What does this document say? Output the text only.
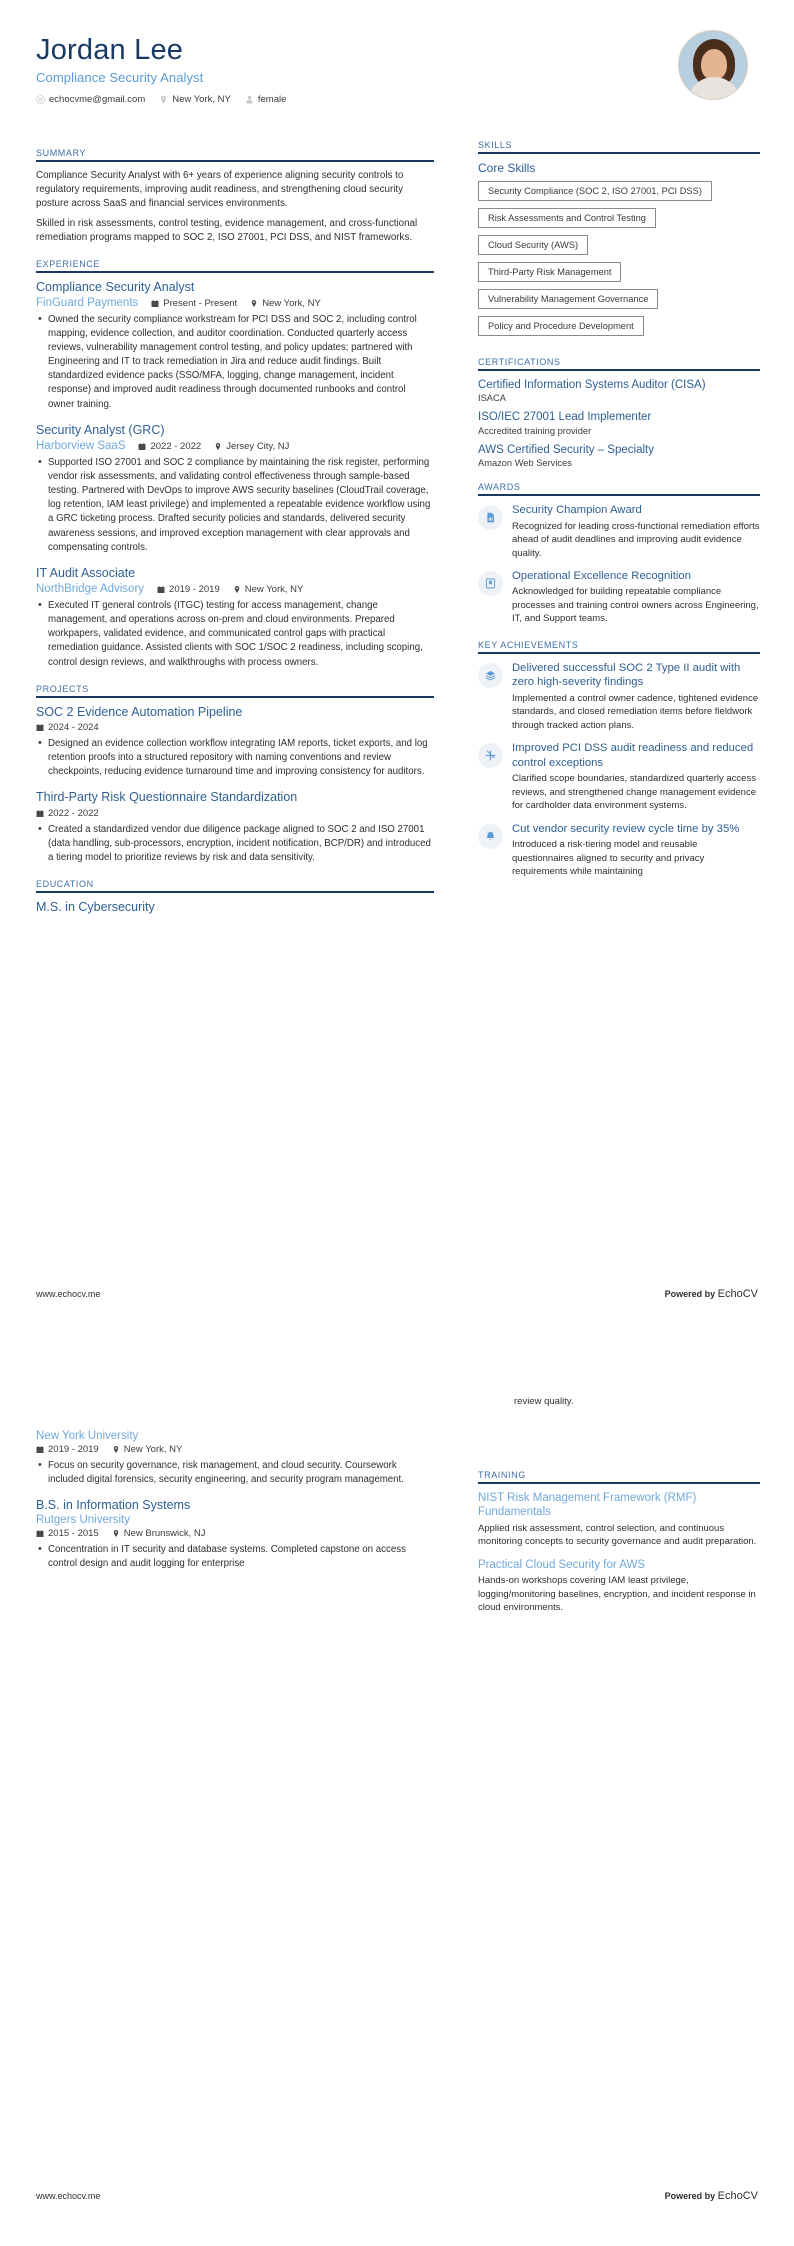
Jordan Lee
Compliance Security Analyst
echocvme@gmail.com	New York, NY	female
SUMMARY
Compliance Security Analyst with 6+ years of experience aligning security controls to regulatory requirements, improving audit readiness, and strengthening cloud security posture across SaaS and financial services environments.
Skilled in risk assessments, control testing, evidence management, and cross-functional remediation programs mapped to SOC 2, ISO 27001, PCI DSS, and NIST frameworks.
EXPERIENCE
Compliance Security Analyst
FinGuard Payments	Present - Present	New York, NY
• Owned the security compliance workstream for PCI DSS and SOC 2, including control mapping, evidence collection, and auditor coordination. Conducted quarterly access reviews, vulnerability management control testing, and policy updates; partnered with Engineering and IT to track remediation in Jira and reduce audit findings. Built standardized evidence packs (SSO/MFA, logging, change management, incident response) and improved audit readiness through documented runbooks and control owner training.
Security Analyst (GRC)
Harborview SaaS	2022 - 2022	Jersey City, NJ
• Supported ISO 27001 and SOC 2 compliance by maintaining the risk register, performing vendor risk assessments, and validating control effectiveness through sample-based testing. Partnered with DevOps to improve AWS security baselines (CloudTrail coverage, log retention, IAM least privilege) and implemented a repeatable evidence workflow using a GRC ticketing process. Drafted security policies and standards, delivered security awareness sessions, and improved exception management with clear approvals and compensating controls.
IT Audit Associate
NorthBridge Advisory	2019 - 2019	New York, NY
• Executed IT general controls (ITGC) testing for access management, change management, and operations across on-prem and cloud environments. Prepared workpapers, validated evidence, and communicated control gaps with practical remediation guidance. Assisted clients with SOC 1/SOC 2 readiness, including scoping, control design reviews, and walkthroughs with process owners.
PROJECTS
SOC 2 Evidence Automation Pipeline
2024 - 2024
• Designed an evidence collection workflow integrating IAM reports, ticket exports, and log retention proofs into a structured repository with naming conventions and review checkpoints, reducing evidence turnaround time and improving consistency for auditors.
Third-Party Risk Questionnaire Standardization
2022 - 2022
• Created a standardized vendor due diligence package aligned to SOC 2 and ISO 27001 (data handling, sub-processors, encryption, incident notification, BCP/DR) and introduced a tiering model to prioritize reviews by risk and data sensitivity.
EDUCATION
M.S. in Cybersecurity
SKILLS
Core Skills
Security Compliance (SOC 2, ISO 27001, PCI DSS)
Risk Assessments and Control Testing
Cloud Security (AWS)
Third-Party Risk Management
Vulnerability Management Governance
Policy and Procedure Development
CERTIFICATIONS
Certified Information Systems Auditor (CISA)
ISACA
ISO/IEC 27001 Lead Implementer
Accredited training provider
AWS Certified Security – Specialty
Amazon Web Services
AWARDS
Security Champion Award
Recognized for leading cross-functional remediation efforts ahead of audit deadlines and improving audit evidence quality.
Operational Excellence Recognition
Acknowledged for building repeatable compliance processes and training control owners across Engineering, IT, and Support teams.
KEY ACHIEVEMENTS
Delivered successful SOC 2 Type II audit with zero high-severity findings
Implemented a control owner cadence, tightened evidence standards, and closed remediation items before fieldwork through tracked action plans.
Improved PCI DSS audit readiness and reduced control exceptions
Clarified scope boundaries, standardized quarterly access reviews, and strengthened change management evidence for cardholder data environment systems.
Cut vendor security review cycle time by 35%
Introduced a risk-tiering model and reusable questionnaires aligned to security and privacy requirements while maintaining
www.echocv.me	Powered by EchoCV
review quality.
New York University
2019 - 2019	New York, NY
• Focus on security governance, risk management, and cloud security. Coursework included digital forensics, security engineering, and security program management.
B.S. in Information Systems
Rutgers University
2015 - 2015	New Brunswick, NJ
• Concentration in IT security and database systems. Completed capstone on access control design and audit logging for enterprise
TRAINING
NIST Risk Management Framework (RMF) Fundamentals
Applied risk assessment, control selection, and continuous monitoring concepts to security governance and audit preparation.
Practical Cloud Security for AWS
Hands-on workshops covering IAM least privilege, logging/monitoring baselines, encryption, and incident response in cloud environments.
www.echocv.me	Powered by EchoCV
